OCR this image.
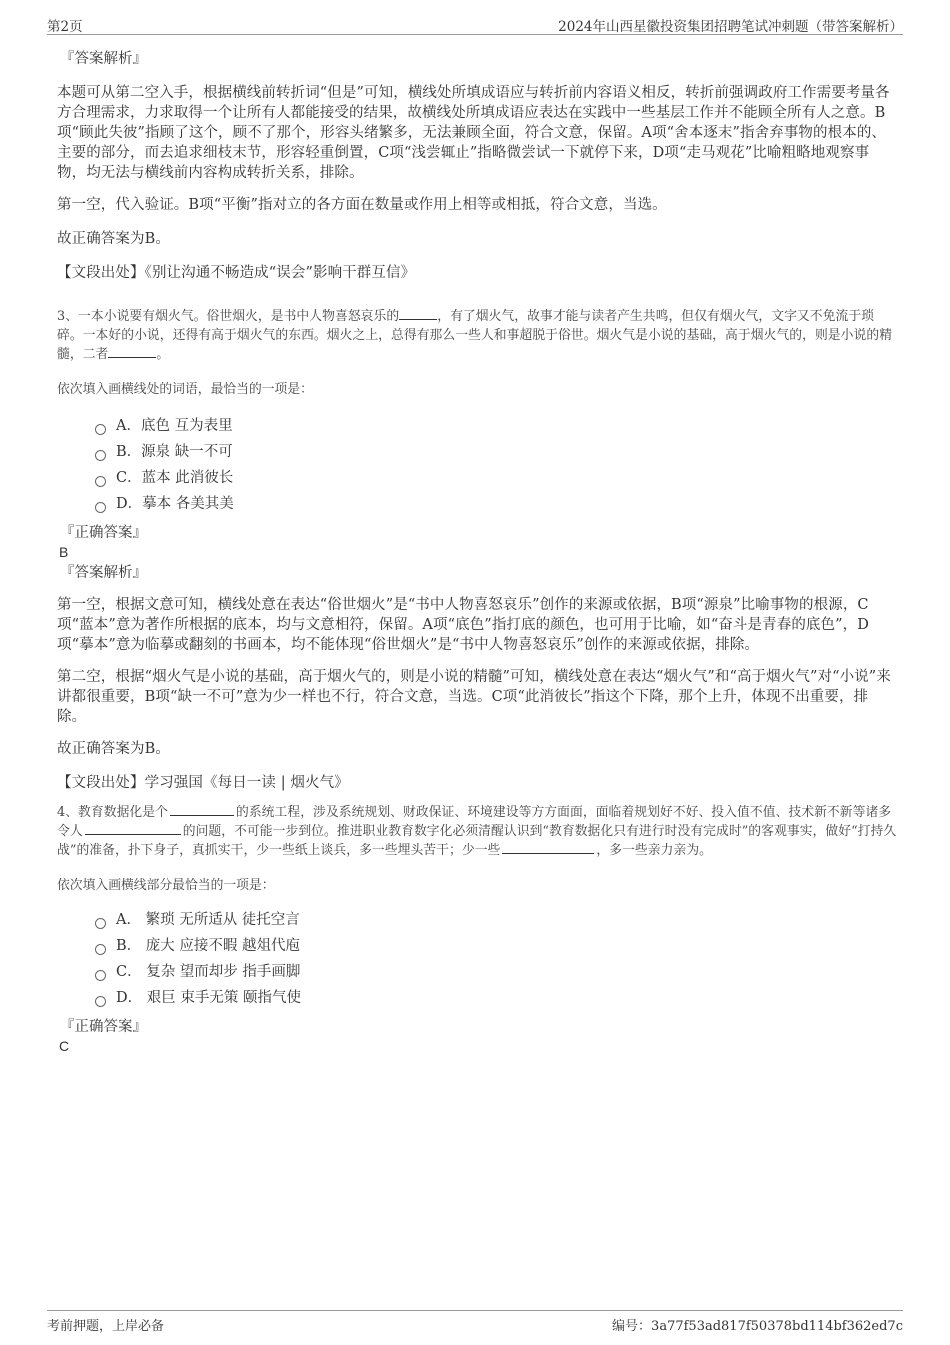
第2页	2024年山西星徽投资集团招聘笔试冲刺题（带答案解析）
『答案解析』

本题可从第二空入手，根据横线前转折词“但是”可知，横线处所填成语应与转折前内容语义相反，转折前强调政府工作需要考量各方合理需求，力求取得一个让所有人都能接受的结果，故横线处所填成语应表达在实践中一些基层工作并不能顾全所有人之意。B项“顾此失彼”指顾了这个，顾不了那个，形容头绪繁多，无法兼顾全面，符合文意，保留。A项“舍本逐末”指舍弃事物的根本的、主要的部分，而去追求细枝末节，形容轻重倒置，C项“浅尝辄止”指略微尝试一下就停下来，D项“走马观花”比喻粗略地观察事物，均无法与横线前内容构成转折关系，排除。

第一空，代入验证。B项“平衡”指对立的各方面在数量或作用上相等或相抵，符合文意，当选。

故正确答案为B。

【文段出处】《别让沟通不畅造成“误会”影响干群互信》

3、一本小说要有烟火气。俗世烟火，是书中人物喜怒哀乐的	，有了烟火气，故事才能与读者产生共鸣，但仅有烟火气，文字又不免流于琐碎。一本好的小说，还得有高于烟火气的东西。烟火之上，总得有那么一些人和事超脱于俗世。烟火气是小说的基础，高于烟火气的，则是小说的精髓，二者	。

依次填入画横线处的词语，最恰当的一项是：

A．底色 互为表里
B．源泉 缺一不可
C．蓝本 此消彼长
D．摹本 各美其美
『正确答案』
B
『答案解析』

第一空，根据文意可知，横线处意在表达“俗世烟火”是“书中人物喜怒哀乐”创作的来源或依据，B项“源泉”比喻事物的根源，C项“蓝本”意为著作所根据的底本，均与文意相符，保留。A项“底色”指打底的颜色，也可用于比喻，如“奋斗是青春的底色”，D项“摹本”意为临摹或翻刻的书画本，均不能体现“俗世烟火”是“书中人物喜怒哀乐”创作的来源或依据，排除。

第二空，根据“烟火气是小说的基础，高于烟火气的，则是小说的精髓”可知，横线处意在表达“烟火气”和“高于烟火气”对“小说”来讲都很重要，B项“缺一不可”意为少一样也不行，符合文意，当选。C项“此消彼长”指这个下降，那个上升，体现不出重要，排除。

故正确答案为B。

【文段出处】学习强国《每日一读 | 烟火气》

4、教育数据化是个	的系统工程，涉及系统规划、财政保证、环境建设等方方面面，面临着规划好不好、投入值不值、技术新不新等诸多令人	的问题，不可能一步到位。推进职业教育数字化必须清醒认识到“教育数据化只有进行时没有完成时”的客观事实，做好“打持久战”的准备，扑下身子，真抓实干，少一些纸上谈兵，多一些埋头苦干；少一些	，多一些亲力亲为。

依次填入画横线部分最恰当的一项是：

A． 繁琐 无所适从 徒托空言
B． 庞大 应接不暇 越俎代庖
C． 复杂 望而却步 指手画脚
D． 艰巨 束手无策 颐指气使
『正确答案』
C
考前押题，上岸必备	编号：3a77f53ad817f50378bd114bf362ed7c
